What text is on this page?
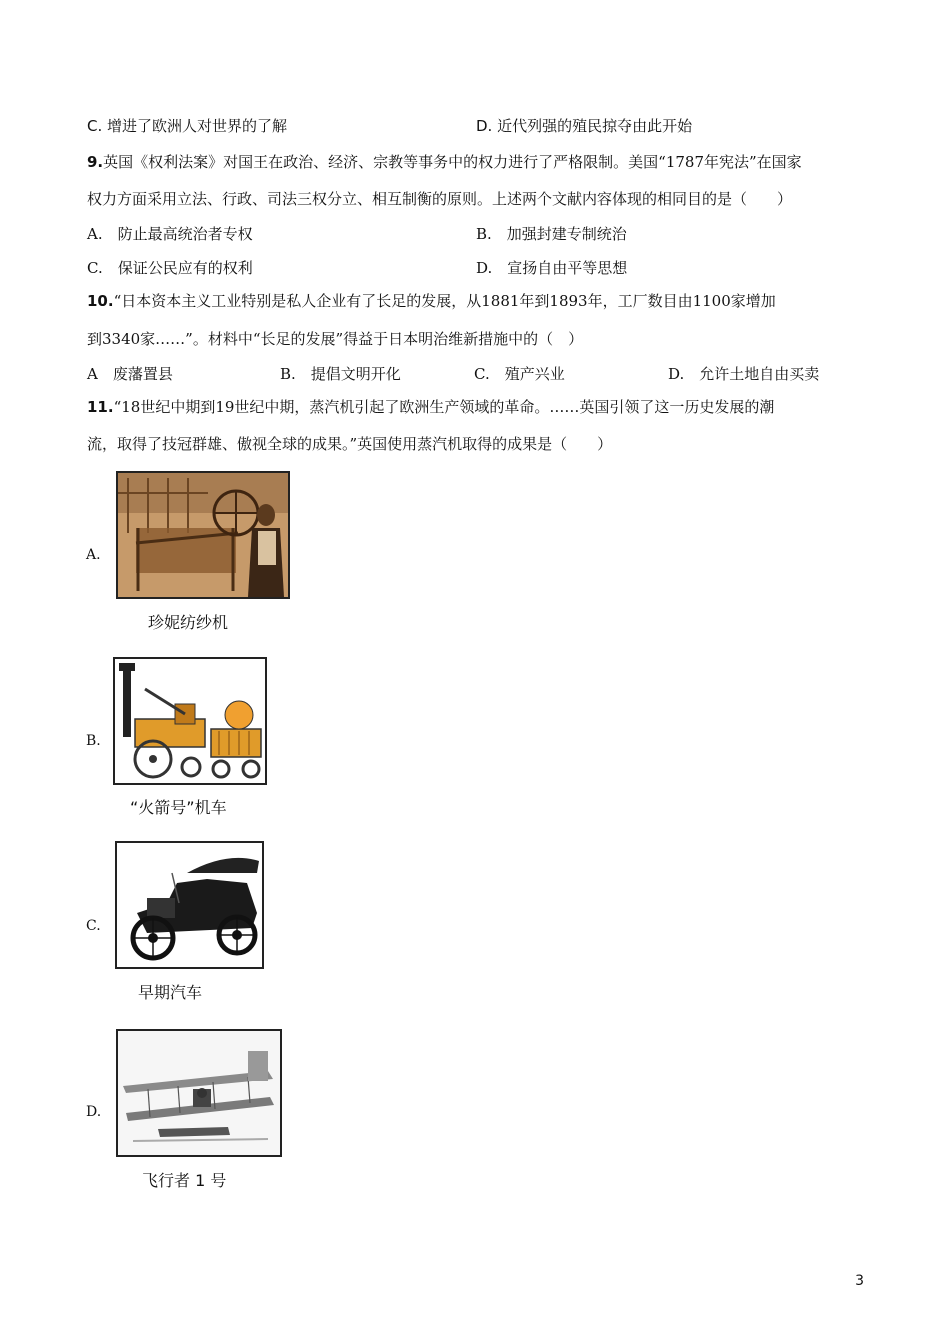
C. 增进了欧洲人对世界的了解	D. 近代列强的殖民掠夺由此开始
9.英国《权利法案》对国王在政治、经济、宗教等事务中的权力进行了严格限制。美国“1787年宪法”在国家
权力方面采用立法、行政、司法三权分立、相互制衡的原则。上述两个文献内容体现的相同目的是（　　）
A.　防止最高统治者专权	B.　加强封建专制统治
C.　保证公民应有的权利	D.　宣扬自由平等思想
10.“日本资本主义工业特别是私人企业有了长足的发展，从1881年到1893年，工厂数目由1100家增加
到3340家……”。材料中“长足的发展”得益于日本明治维新措施中的（　）
A　废藩置县	B.　提倡文明开化	C.　殖产兴业	D.　允许土地自由买卖
11.“18世纪中期到19世纪中期，蒸汽机引起了欧洲生产领域的革命。……英国引领了这一历史发展的潮
流，取得了技冠群雄、傲视全球的成果。”英国使用蒸汽机取得的成果是（　　）
A.
珍妮纺纱机
B.
“火箭号”机车
C.
早期汽车
D.
飞行者 1 号
3
